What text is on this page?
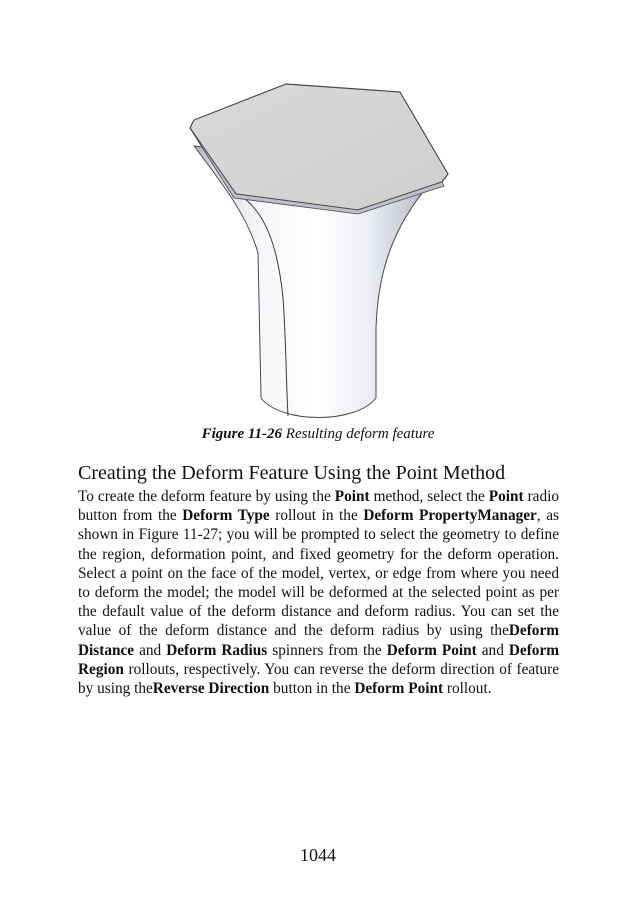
Figure 11-26 Resulting deform feature
Creating the Deform Feature Using the Point Method

To create the deform feature by using the Point method, select the Point radio button from the Deform Type rollout in the Deform PropertyManager, as shown in Figure 11-27; you will be prompted to select the geometry to define the region, deformation point, and fixed geometry for the deform operation. Select a point on the face of the model, vertex, or edge from where you need to deform the model; the model will be deformed at the selected point as per the default value of the deform distance and deform radius. You can set the value of the deform distance and the deform radius by using theDeform Distance and Deform Radius spinners from the Deform Point and Deform Region rollouts, respectively. You can reverse the deform direction of feature by using theReverse Direction button in the Deform Point rollout.

1044
